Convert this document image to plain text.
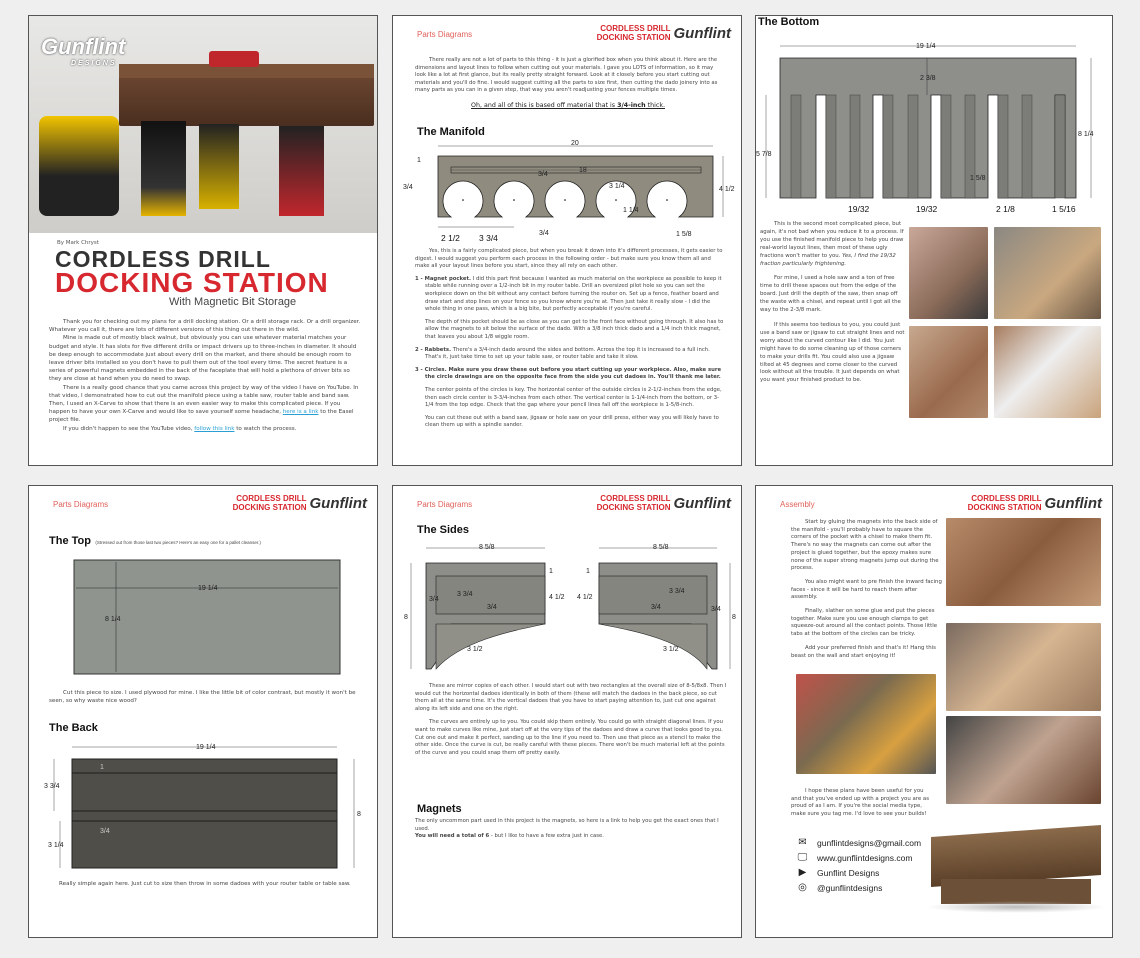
Gunflint
DESIGNS
By Mark Chryst
CORDLESS DRILL
DOCKING STATION
With Magnetic Bit Storage

Thank you for checking out my plans for a drill docking station. Or a drill storage rack. Or a drill organizer. Whatever you call it, there are lots of different versions of this thing out there in the wild.

Mine is made out of mostly black walnut, but obviously you can use whatever material matches your budget and style. It has slots for five different drills or impact drivers up to three-inches in diameter. It should be deep enough to accommodate just about every drill on the market, and there should be enough room to leave driver bits installed so you don't have to pull them out of the tool every time. The secret feature is a series of powerful magnets embedded in the back of the faceplate that will hold a plethora of driver bits so they are close at hand when you do need to swap.

There is a really good chance that you came across this project by way of the video I have on YouTube. In that video, I demonstrated how to cut out the manifold piece using a table saw, router table and band saw. Then, I used an X-Carve to show that there is an even easier way to make this complicated piece. If you happen to have your own X-Carve and would like to save yourself some headache, here is a link to the Easel project file.

If you didn't happen to see the YouTube video, follow this link to watch the process.

Parts Diagrams
CORDLESS DRILL
DOCKING STATION Gunflint
There really are not a lot of parts to this thing - it is just a glorified box when you think about it. Here are the dimensions and layout lines to follow when cutting out your materials. I gave you LOTS of information, so it may look like a lot at first glance, but its really pretty straight forward. Look at it closely before you start cutting out materials and you'll do fine. I would suggest cutting all the parts to size first, then cutting the dado joinery into as many parts as you can in a given step, that way you aren't readjusting your fences multiple times.
Oh, and all of this is based off material that is 3/4-inch thick.
The Manifold
20
18
1
4 1/2
3/4
3/4
3 1/4
1 1/4
2 1/2 3 3/4	3/4	1 5/8

Yes, this is a fairly complicated piece, but when you break it down into it's different processes, it gets easier to digest. I would suggest you perform each process in the following order - but make sure you know them all and make all your layout lines before you start, since they all rely on each other.

1 - Magnet pocket. I did this part first because I wanted as much material on the workpiece as possible to keep it stable while running over a 1/2-inch bit in my router table. Drill an oversized pilot hole so you can set the workpiece down on the bit without any contact before turning the router on. Set up a fence, feather board and draw start and stop lines on your fence so you know where you're at. Then just take it really slow - I did the whole thing in one pass, which is a big bite, but perfectly acceptable if you're careful.

The depth of this pocket should be as close as you can get to the front face without going through. It also has to allow the magnets to sit below the surface of the dado. With a 3/8 inch thick dado and a 1/4 inch thick magnet, that leaves you about 1/8 wiggle room.

2 - Rabbets. There's a 3/4-inch dado around the sides and bottom. Across the top it is increased to a full inch. That's it, just take time to set up your table saw, or router table and take it slow.

3 - Circles. Make sure you draw these out before you start cutting up your workpiece. Also, make sure the circle drawings are on the opposite face from the side you cut dadoes in. You'll thank me later.

The center points of the circles is key. The horizontal center of the outside circles is 2-1/2-inches from the edge, then each circle center is 3-3/4-inches from each other. The vertical center is 1-1/4-inch from the bottom, or 3-1/4 from the top edge. Check that the gap where your pencil lines fall off the workpiece is 1-5/8-inch.

You can cut these out with a band saw, jigsaw or hole saw on your drill press, either way you will likely have to clean them up with a spindle sander.

The Bottom
19 1/4
2 3/8
8 1/4
5 7/8
1 5/8
19/32	19/32	2 1/8	1 5/16

This is the second most complicated piece, but again, it's not bad when you reduce it to a process. If you use the finished manifold piece to help you draw real-world layout lines, then most of these ugly fractions won't matter to you. Yes, I find the 19/32 fraction particularly frightening.

For mine, I used a hole saw and a ton of free time to drill these spaces out from the edge of the board. Just drill the depth of the saw, then snap off the waste with a chisel, and repeat until I got all the way to the 2-3/8 mark.

If this seems too tedious to you, you could just use a band saw or jigsaw to cut straight lines and not worry about the curved contour like I did. You just might have to do some cleaning up of those corners to make your drills fit. You could also use a jigsaw tilted at 45 degrees and come closer to the curved look without all the trouble. It just depends on what you want your finished product to be.

Parts Diagrams
CORDLESS DRILL
DOCKING STATION Gunflint
The Top (Stressed out from those last two pieces? Here's an easy one for a pallet cleanser.)
19 1/4
8 1/4
Cut this piece to size. I used plywood for mine. I like the little bit of color contrast, but mostly it won't be seen, so why waste nice wood?
The Back
19 1/4
8
1
3 3/4
3/4
3 1/4
Really simple again here. Just cut to size then throw in some dadoes with your router table or table saw.
Parts Diagrams
CORDLESS DRILL
DOCKING STATION Gunflint
The Sides
8 5/8
8
1
4 1/2
3 3/4
3/4
3/4
3 1/2
8 5/8
8
1
4 1/2
3 3/4
3/4
3/4
3 1/2

These are mirror copies of each other. I would start out with two rectangles at the overall size of 8-5/8x8. Then I would cut the horizontal dadoes identically in both of them (these will match the dadoes in the back piece, so cut them all at the same time. It's the vertical dadoes that you have to start paying attention to, just cut one against along its left side and one on the right.

The curves are entirely up to you. You could skip them entirely. You could go with straight diagonal lines. If you want to make curves like mine, just start off at the very tips of the dadoes and draw a curve that looks good to you. Cut one out and make it perfect, sanding up to the line if you need to. Then use that piece as a stencil to make the other side. Once the curve is cut, be really careful with these pieces. There won't be much material left at the points of the curve and you could snap them off pretty easily.

Magnets
The only uncommon part used in this project is the magnets, so here is a link to help you get the exact ones that I used.
You will need a total of 6 - but I like to have a few extra just in case.
Assembly
CORDLESS DRILL
DOCKING STATION Gunflint

Start by gluing the magnets into the back side of the manifold - you'll probably have to square the corners of the pocket with a chisel to make them fit. There's no way the magnets can come out after the project is glued together, but the epoxy makes sure none of the super strong magnets jump out during the process.

You also might want to pre finish the inward facing faces - since it will be hard to reach them after assembly.

Finally, slather on some glue and put the pieces together. Make sure you use enough clamps to get squeeze-out around all the contact points. Those little tabs at the bottom of the circles can be tricky.

Add your preferred finish and that's it! Hang this beast on the wall and start enjoying it!

I hope these plans have been useful for you and that you've ended up with a project you are as proud of as I am. If you're the social media type, make sure you tag me. I'd love to see your builds!
✉ gunflintdesigns@gmail.com
🖵 www.gunflintdesigns.com
▶	Gunflint Designs
◎ @gunflintdesigns
